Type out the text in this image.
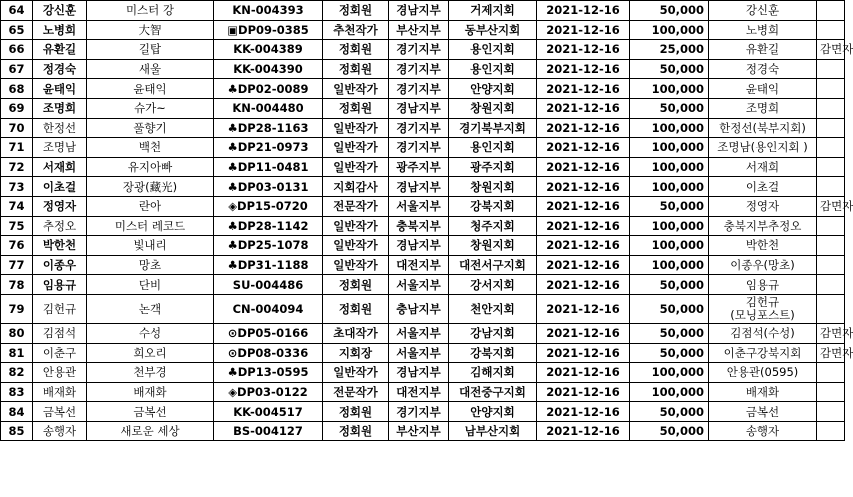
64	강신훈	미스터 강	KN-004393	정회원	경남지부	거제지회	2021-12-16	50,000	강신훈	
65	노병희	大智	▣DP09-0385	추천작가	부산지부	동부산지회	2021-12-16	100,000	노병희	
66	유환길	길탑	KK-004389	정회원	경기지부	용인지회	2021-12-16	25,000	유환길	감면자
67	정경숙	새울	KK-004390	정회원	경기지부	용인지회	2021-12-16	50,000	정경숙	
68	윤태익	윤태익	♣DP02-0089	일반작가	경기지부	안양지회	2021-12-16	100,000	윤태익	
69	조명희	슈가~	KN-004480	정회원	경남지부	창원지회	2021-12-16	50,000	조명희	
70	한정선	풀향기	♣DP28-1163	일반작가	경기지부	경기북부지회	2021-12-16	100,000	한정선(북부지회)	
71	조명남	백천	♣DP21-0973	일반작가	경기지부	용인지회	2021-12-16	100,000	조명남(용인지회 )	
72	서재희	유지아빠	♣DP11-0481	일반작가	광주지부	광주지회	2021-12-16	100,000	서재희	
73	이초걸	장광(藏光)	♣DP03-0131	지회감사	경남지부	창원지회	2021-12-16	100,000	이초걸	
74	정영자	란아	◈DP15-0720	전문작가	서울지부	강북지회	2021-12-16	50,000	정영자	감면자
75	추정오	미스터 레코드	♣DP28-1142	일반작가	충북지부	청주지회	2021-12-16	100,000	충북지부추정오	
76	박한천	빛내리	♣DP25-1078	일반작가	경남지부	창원지회	2021-12-16	100,000	박한천	
77	이종우	망초	♣DP31-1188	일반작가	대전지부	대전서구지회	2021-12-16	100,000	이종우(망초)	
78	임용규	단비	SU-004486	정회원	서울지부	강서지회	2021-12-16	50,000	임용규	
79	김헌규	논객	CN-004094	정회원	충남지부	천안지회	2021-12-16	50,000	김헌규
(모닝포스트)	
80	김점석	수성	⊙DP05-0166	초대작가	서울지부	강남지회	2021-12-16	50,000	김점석(수성)	감면자
81	이춘구	희오리	⊙DP08-0336	지회장	서울지부	강북지회	2021-12-16	50,000	이춘구강북지회	감면자
82	안용관	천부경	♣DP13-0595	일반작가	경남지부	김해지회	2021-12-16	100,000	안용관(0595)	
83	배재화	배재화	◈DP03-0122	전문작가	대전지부	대전중구지회	2021-12-16	100,000	배재화	
84	금복선	금복선	KK-004517	정회원	경기지부	안양지회	2021-12-16	50,000	금복선	
85	송행자	새로운 세상	BS-004127	정회원	부산지부	남부산지회	2021-12-16	50,000	송행자	
